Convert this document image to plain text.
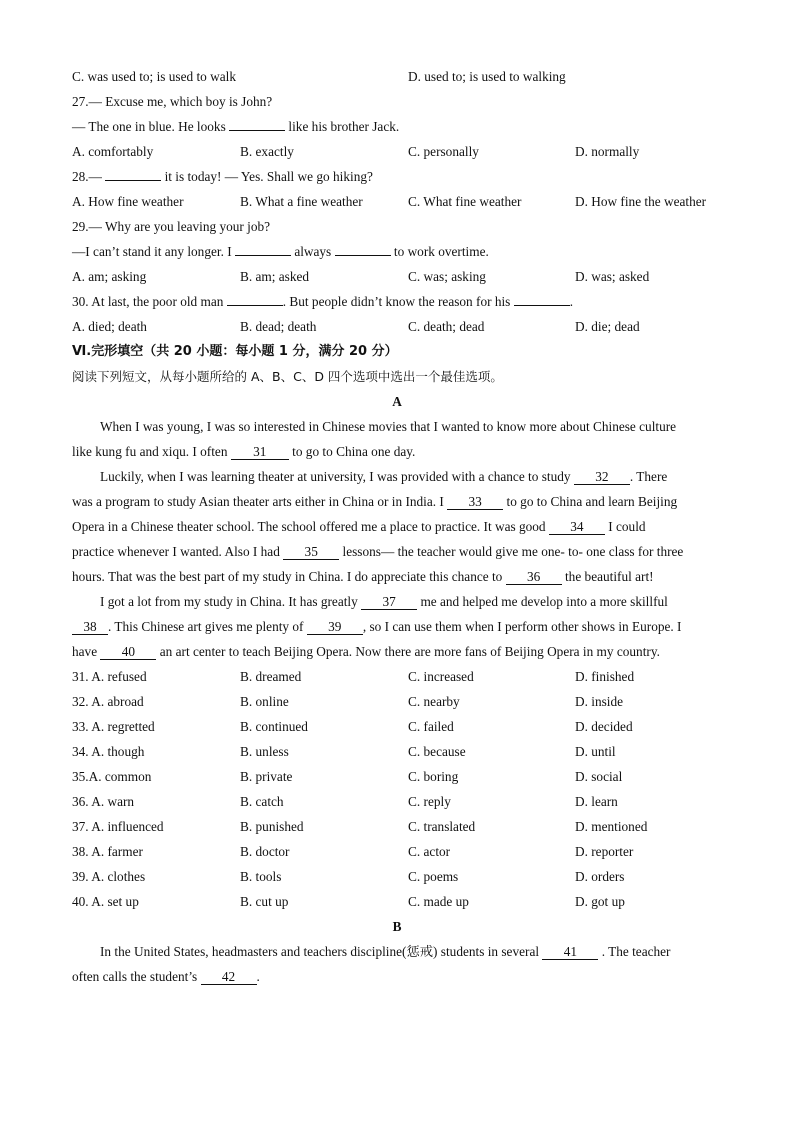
C. was used to; is used to walk	D. used to; is used to walking
27.— Excuse me, which boy is John?
— The one in blue. He looks	like his brother Jack.
A. comfortably	B. exactly	C. personally	D. normally
28.—	it is today! — Yes. Shall we go hiking?
A. How fine weather	B. What a fine weather	C. What fine weather	D. How fine the weather
29.— Why are you leaving your job?
—I can’t stand it any longer. I	always	to work overtime.
A. am; asking	B. am; asked	C. was; asking	D. was; asked
30. At last, the poor old man	. But people didn’t know the reason for his	.
A. died; death	B. dead; death	C. death; dead	D. die; dead
Ⅵ.完形填空（共 20 小题：每小题 1 分，满分 20 分）
阅读下列短文，从每小题所给的 A、B、C、D 四个选项中选出一个最佳选项。
A
When I was young, I was so interested in Chinese movies that I wanted to know more about Chinese culture
like kung fu and xiqu. I often 31 to go to China one day.
Luckily, when I was learning theater at university, I was provided with a chance to study 32 . There
was a program to study Asian theater arts either in China or in India. I 33 to go to China and learn Beijing
Opera in a Chinese theater school. The school offered me a place to practice. It was good 34 I could
practice whenever I wanted. Also I had 35 lessons— the teacher would give me one- to- one class for three
hours. That was the best part of my study in China. I do appreciate this chance to 36 the beautiful art!
I got a lot from my study in China. It has greatly 37 me and helped me develop into a more skillful
38 . This Chinese art gives me plenty of 39 , so I can use them when I perform other shows in Europe. I
have 40 an art center to teach Beijing Opera. Now there are more fans of Beijing Opera in my country.
31. A. refused	B. dreamed	C. increased	D. finished
32. A. abroad	B. online	C. nearby	D. inside
33. A. regretted	B. continued	C. failed	D. decided
34. A. though	B. unless	C. because	D. until
35.A. common	B. private	C. boring	D. social
36. A. warn	B. catch	C. reply	D. learn
37. A. influenced	B. punished	C. translated	D. mentioned
38. A. farmer	B. doctor	C. actor	D. reporter
39. A. clothes	B. tools	C. poems	D. orders
40. A. set up	B. cut up	C. made up	D. got up
B
In the United States, headmasters and teachers discipline(惩戒) students in several 41 . The teacher
often calls the student’s 42 .
